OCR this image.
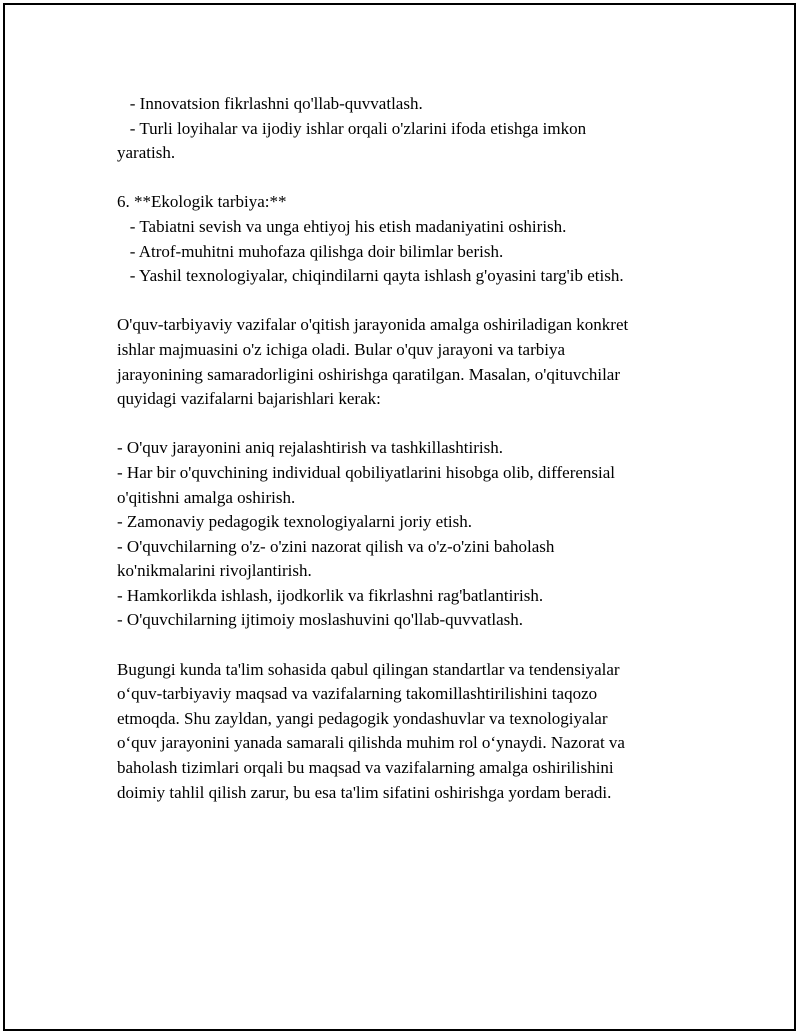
- Innovatsion fikrlashni qo'llab-quvvatlash.
- Turli loyihalar va ijodiy ishlar orqali o'zlarini ifoda etishga imkon
yaratish.
6. **Ekologik tarbiya:**
- Tabiatni sevish va unga ehtiyoj his etish madaniyatini oshirish.
- Atrof-muhitni muhofaza qilishga doir bilimlar berish.
- Yashil texnologiyalar, chiqindilarni qayta ishlash g'oyasini targ'ib etish.
O'quv-tarbiyaviy vazifalar o'qitish jarayonida amalga oshiriladigan konkret
ishlar majmuasini o'z ichiga oladi. Bular o'quv jarayoni va tarbiya
jarayonining samaradorligini oshirishga qaratilgan. Masalan, o'qituvchilar
quyidagi vazifalarni bajarishlari kerak:
- O'quv jarayonini aniq rejalashtirish va tashkillashtirish.
- Har bir o'quvchining individual qobiliyatlarini hisobga olib, differensial
o'qitishni amalga oshirish.
- Zamonaviy pedagogik texnologiyalarni joriy etish.
- O'quvchilarning o'z- o'zini nazorat qilish va o'z-o'zini baholash
ko'nikmalarini rivojlantirish.
- Hamkorlikda ishlash, ijodkorlik va fikrlashni rag'batlantirish.
- O'quvchilarning ijtimoiy moslashuvini qo'llab-quvvatlash.
Bugungi kunda ta'lim sohasida qabul qilingan standartlar va tendensiyalar
o‘quv-tarbiyaviy maqsad va vazifalarning takomillashtirilishini taqozo
etmoqda. Shu zayldan, yangi pedagogik yondashuvlar va texnologiyalar
o‘quv jarayonini yanada samarali qilishda muhim rol o‘ynaydi. Nazorat va
baholash tizimlari orqali bu maqsad va vazifalarning amalga oshirilishini
doimiy tahlil qilish zarur, bu esa ta'lim sifatini oshirishga yordam beradi.
